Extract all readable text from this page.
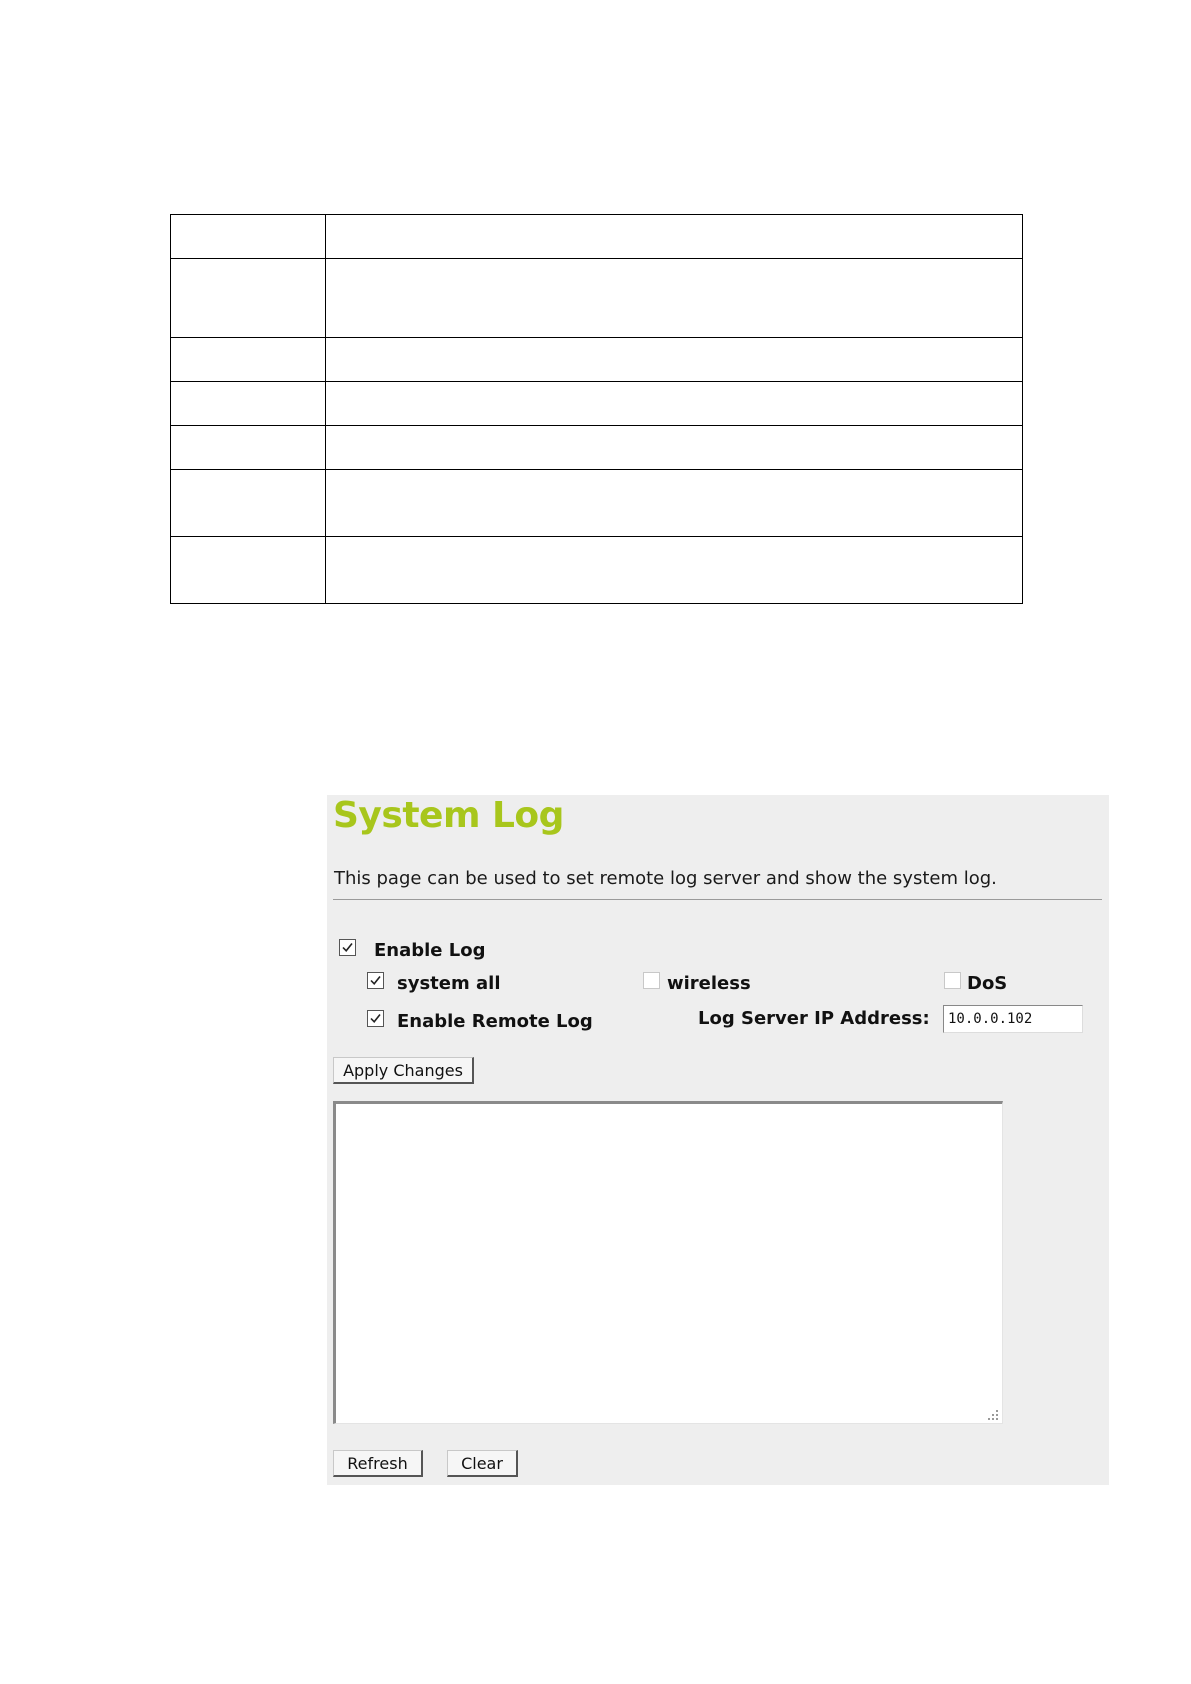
System Log
This page can be used to set remote log server and show the system log.
Enable Log
system all	wireless	DoS
Enable Remote Log	Log Server IP Address:
10.0.0.102
Apply Changes
Refresh	Clear
